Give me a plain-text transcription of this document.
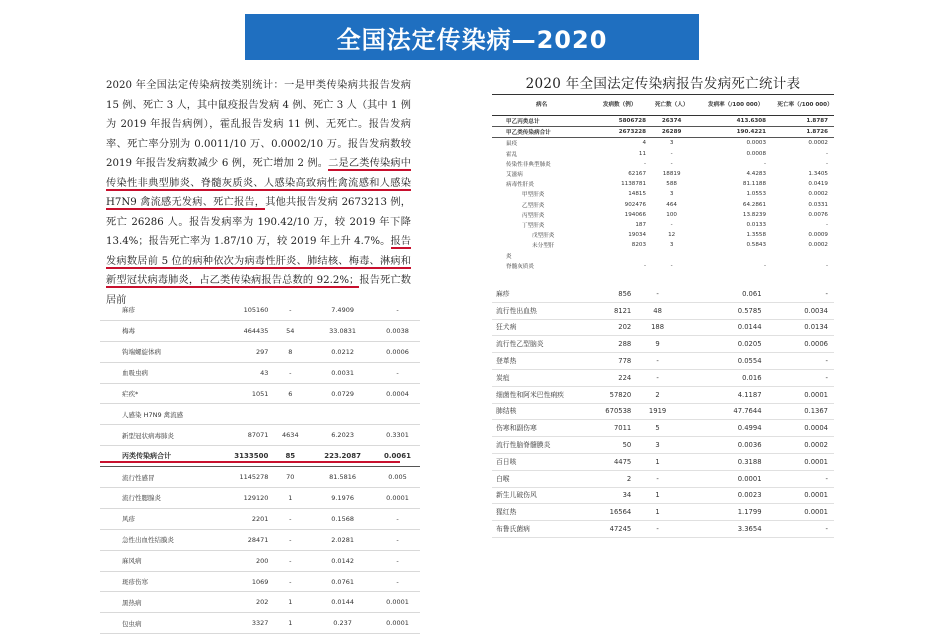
全国法定传染病—2020

2020 年全国法定传染病按类别统计：一是甲类传染病共报告发病 15 例、死亡 3 人，其中鼠疫报告发病 4 例、死亡 3 人（其中 1 例为 2019 年报告病例），霍乱报告发病 11 例、无死亡。报告发病率、死亡率分别为 0.0011/10 万、0.0002/10 万。报告发病数较 2019 年报告发病数减少 6 例，死亡增加 2 例。二是乙类传染病中传染性非典型肺炎、脊髓灰质炎、人感染高致病性禽流感和人感染 H7N9 禽流感无发病、死亡报告，其他共报告发病 2673213 例，死亡 26286 人。报告发病率为 190.42/10 万，较 2019 年下降 13.4%；报告死亡率为 1.87/10 万，较 2019 年上升 4.7%。报告发病数居前 5 位的病种依次为病毒性肝炎、肺结核、梅毒、淋病和新型冠状病毒肺炎，占乙类传染病报告总数的 92.2%；报告死亡数居前

麻疹	105160	-	7.4909	-
梅毒	464435	54	33.0831	0.0038
钩端螺旋体病	297	8	0.0212	0.0006
血吸虫病	43	-	0.0031	-
疟疾*	1051	6	0.0729	0.0004
人感染 H7N9 禽流感				
新型冠状病毒肺炎	87071	4634	6.2023	0.3301
丙类传染病合计	3133500	85	223.2087	0.0061
流行性感冒	1145278	70	81.5816	0.005
流行性腮腺炎	129120	1	9.1976	0.0001
风疹	2201	-	0.1568	-
急性出血性结膜炎	28471	-	2.0281	-
麻风病	200	-	0.0142	-
斑疹伤寒	1069	-	0.0761	-
黑热病	202	1	0.0144	0.0001
包虫病	3327	1	0.237	0.0001
2020 年全国法定传染病报告发病死亡统计表
病名	发病数（例）	死亡数（人）	发病率（/100 000）	死亡率（/100 000）
甲乙丙类总计	5806728	26374	413.6308	1.8787
甲乙类传染病合计	2673228	26289	190.4221	1.8726
鼠疫	4	3	0.0003	0.0002
霍乱	11	-	0.0008	-
传染性非典型肺炎	-	-	-	-
艾滋病	62167	18819	4.4283	1.3405
病毒性肝炎	1138781	588	81.1188	0.0419
甲型肝炎	14815	3	1.0553	0.0002
乙型肝炎	902476	464	64.2861	0.0331
丙型肝炎	194066	100	13.8239	0.0076
丁型肝炎	187	-	0.0133	-
戊型肝炎	19034	12	1.3558	0.0009
未分型肝	8203	3	0.5843	0.0002
炎				
脊髓灰质炎	-	-	-	-
麻疹	856	-	0.061	-
流行性出血热	8121	48	0.5785	0.0034
狂犬病	202	188	0.0144	0.0134
流行性乙型脑炎	288	9	0.0205	0.0006
登革热	778	-	0.0554	-
炭疽	224	-	0.016	-
细菌性和阿米巴性痢疾	57820	2	4.1187	0.0001
肺结核	670538	1919	47.7644	0.1367
伤寒和副伤寒	7011	5	0.4994	0.0004
流行性脑脊髓膜炎	50	3	0.0036	0.0002
百日咳	4475	1	0.3188	0.0001
白喉	2	-	0.0001	-
新生儿破伤风	34	1	0.0023	0.0001
猩红热	16564	1	1.1799	0.0001
布鲁氏菌病	47245	-	3.3654	-
